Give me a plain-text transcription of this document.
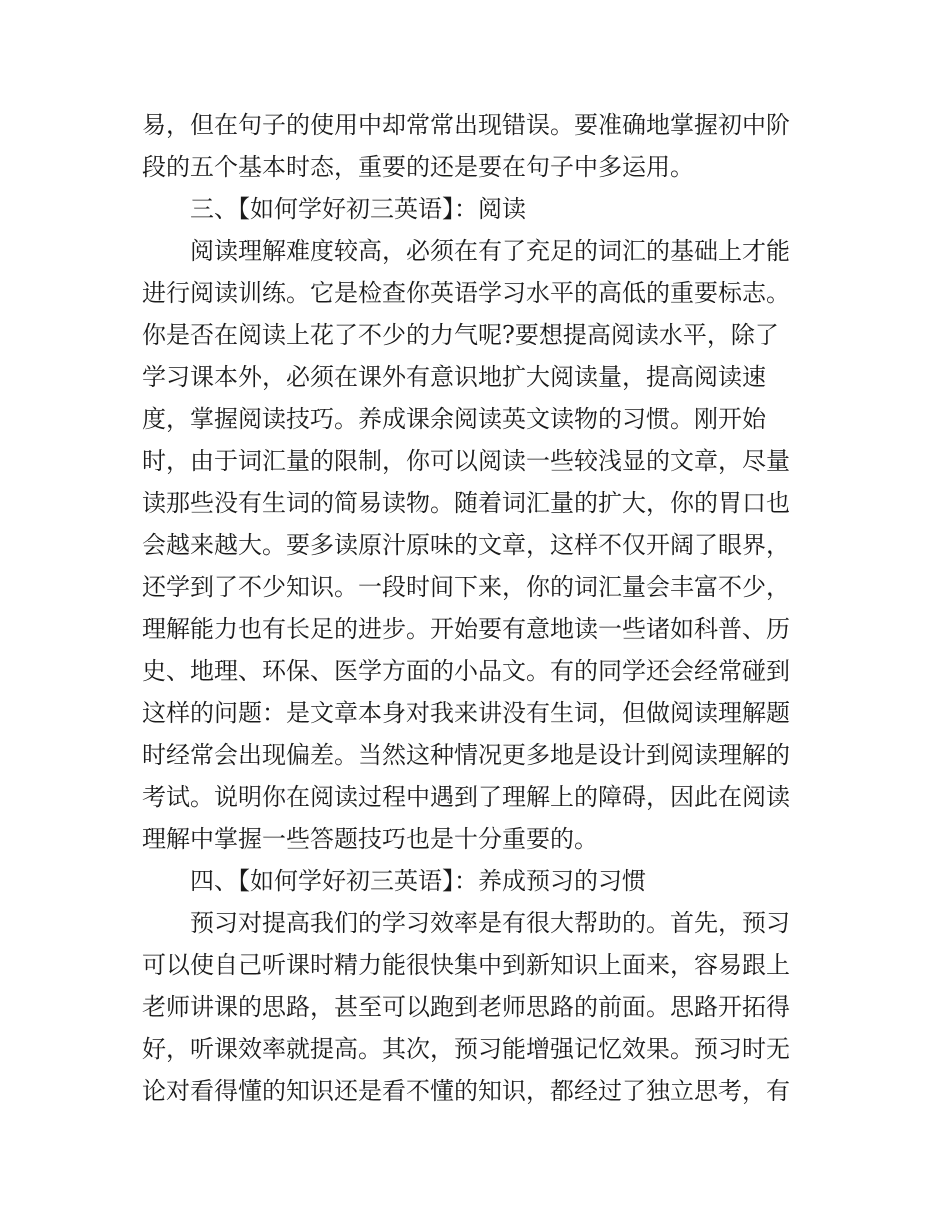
易，但在句子的使用中却常常出现错误。要准确地掌握初中阶
段的五个基本时态，重要的还是要在句子中多运用。
三、【如何学好初三英语】：阅读
阅读理解难度较高，必须在有了充足的词汇的基础上才能
进行阅读训练。它是检查你英语学习水平的高低的重要标志。
你是否在阅读上花了不少的力气呢?要想提高阅读水平，除了
学习课本外，必须在课外有意识地扩大阅读量，提高阅读速
度，掌握阅读技巧。养成课余阅读英文读物的习惯。刚开始
时，由于词汇量的限制，你可以阅读一些较浅显的文章，尽量
读那些没有生词的简易读物。随着词汇量的扩大，你的胃口也
会越来越大。要多读原汁原味的文章，这样不仅开阔了眼界，
还学到了不少知识。一段时间下来，你的词汇量会丰富不少，
理解能力也有长足的进步。开始要有意地读一些诸如科普、历
史、地理、环保、医学方面的小品文。有的同学还会经常碰到
这样的问题：是文章本身对我来讲没有生词，但做阅读理解题
时经常会出现偏差。当然这种情况更多地是设计到阅读理解的
考试。说明你在阅读过程中遇到了理解上的障碍，因此在阅读
理解中掌握一些答题技巧也是十分重要的。
四、【如何学好初三英语】：养成预习的习惯
预习对提高我们的学习效率是有很大帮助的。首先，预习
可以使自己听课时精力能很快集中到新知识上面来，容易跟上
老师讲课的思路，甚至可以跑到老师思路的前面。思路开拓得
好，听课效率就提高。其次，预习能增强记忆效果。预习时无
论对看得懂的知识还是看不懂的知识，都经过了独立思考，有
